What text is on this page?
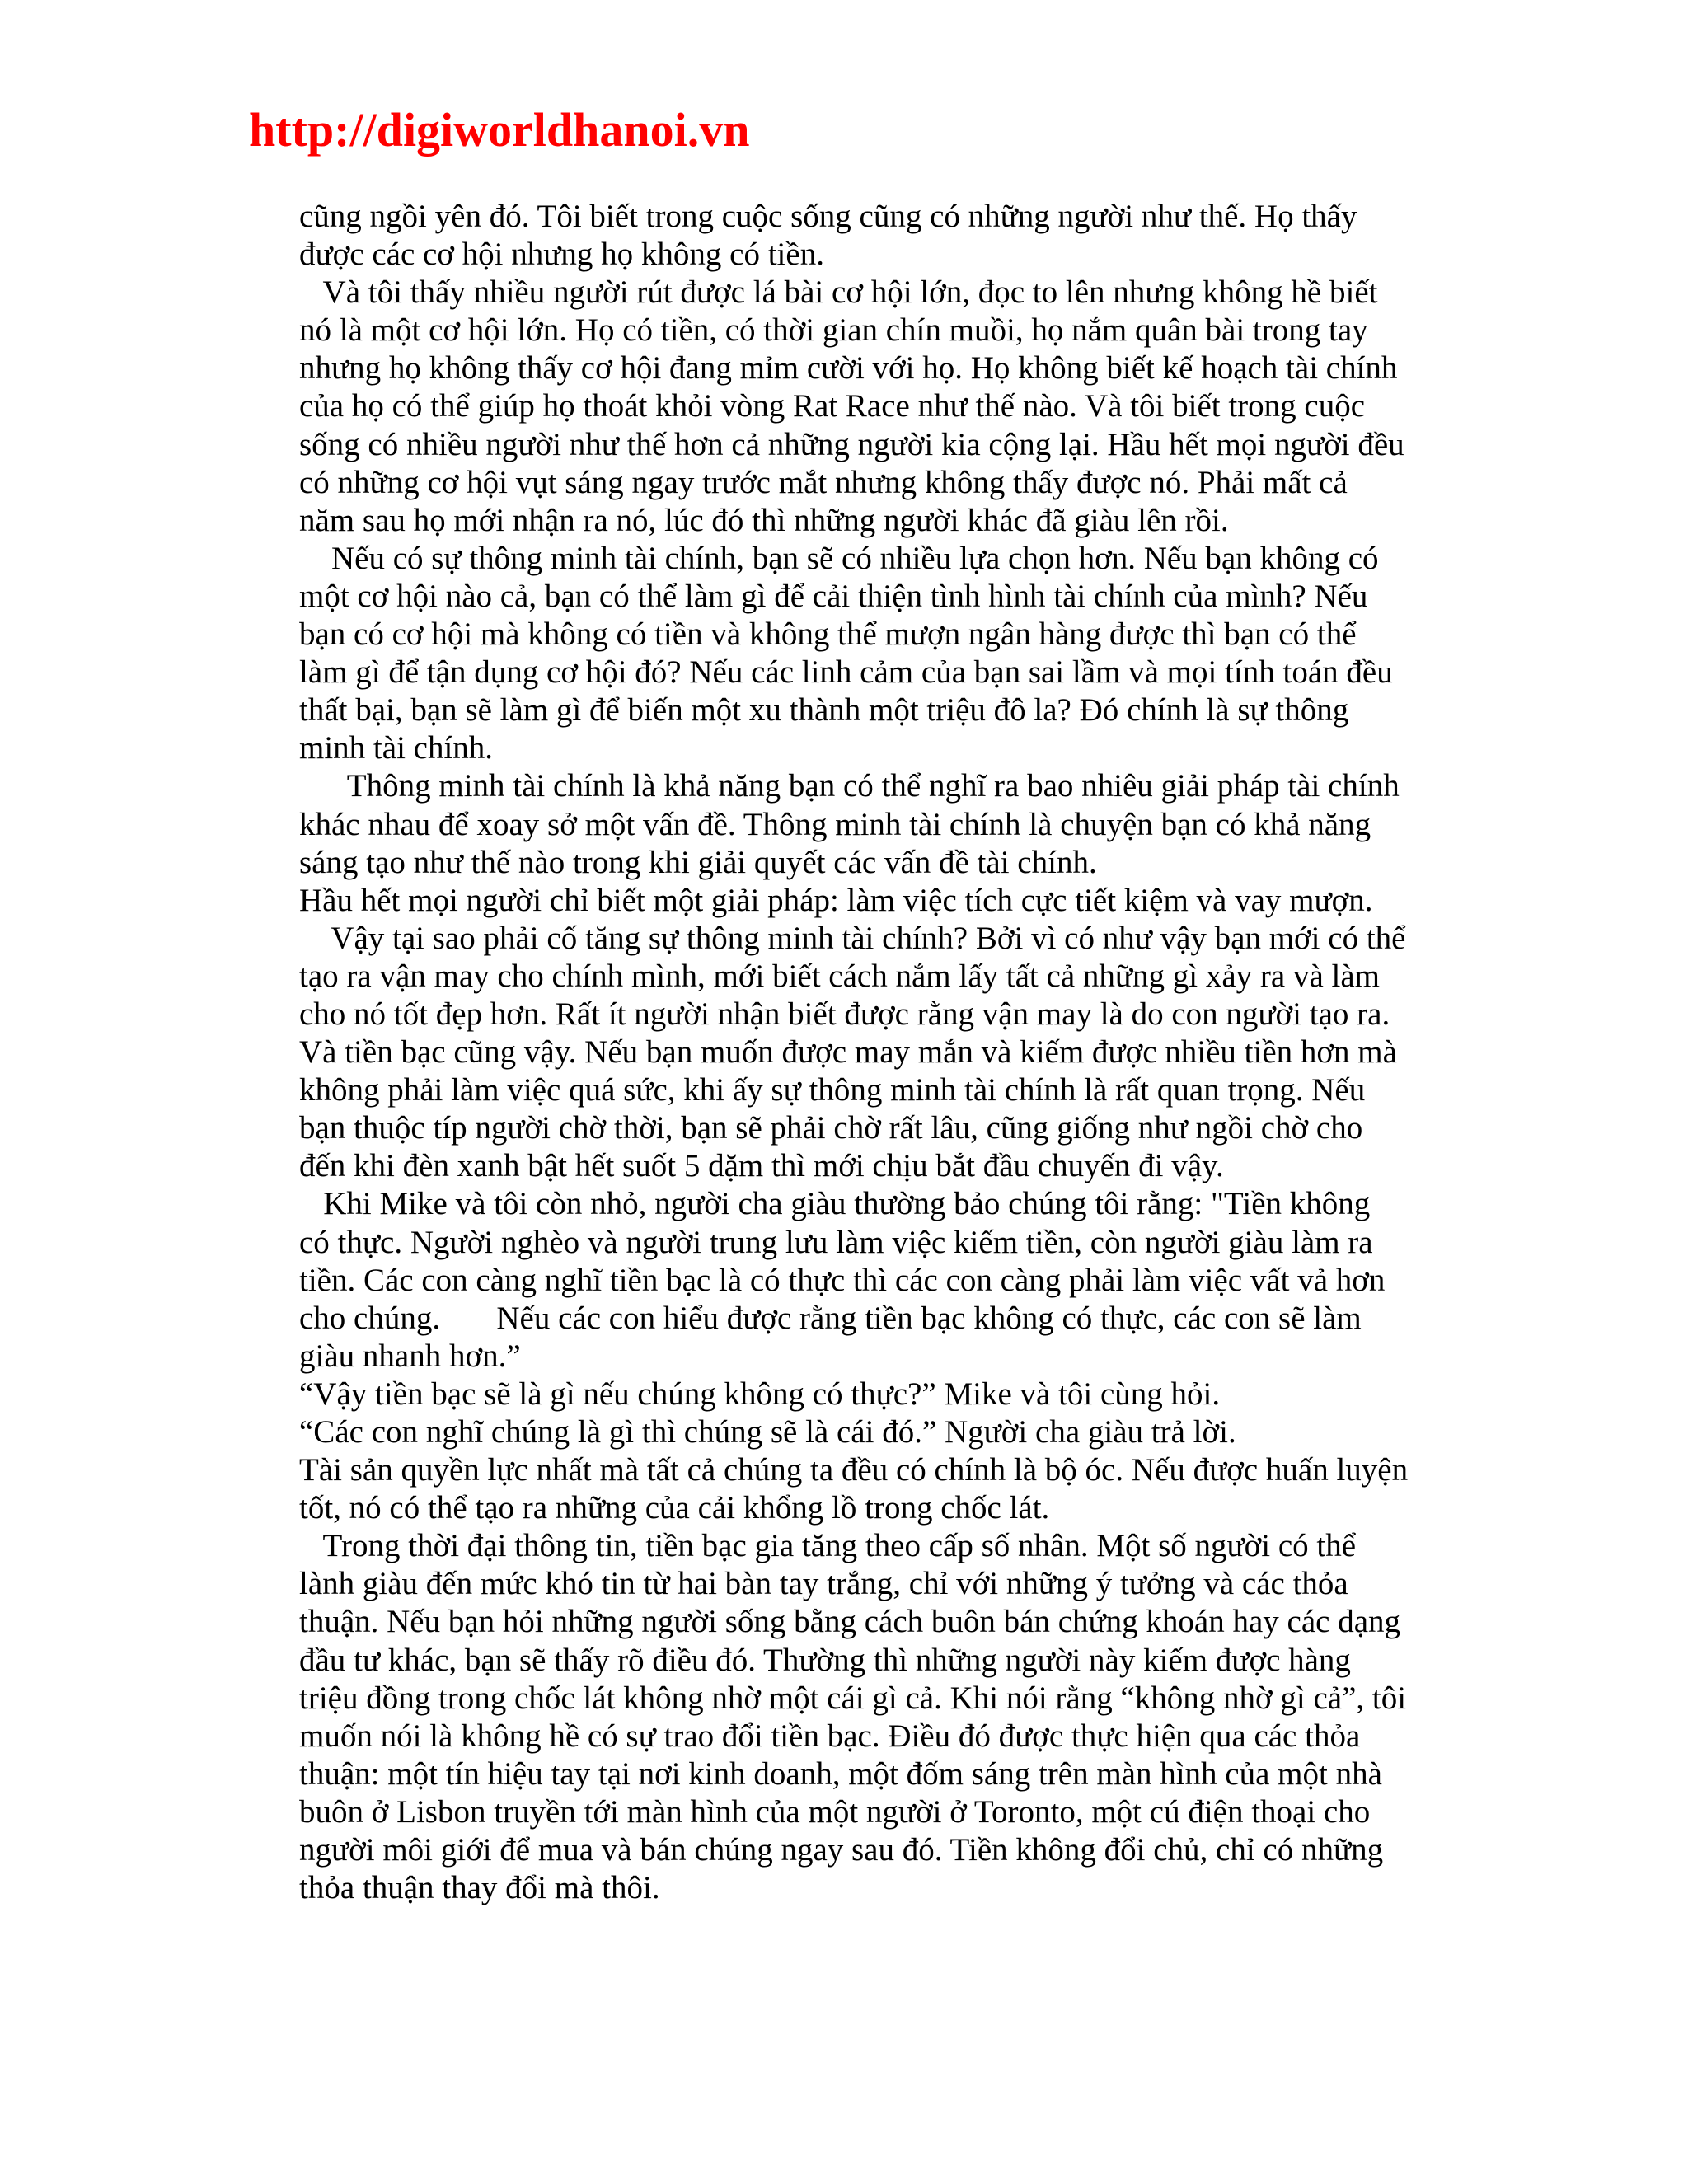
http://digiworldhanoi.vn
cũng ngồi yên đó. Tôi biết trong cuộc sống cũng có những người như thế. Họ thấy
được các cơ hội nhưng họ không có tiền.
Và tôi thấy nhiều người rút được lá bài cơ hội lớn, đọc to lên nhưng không hề biết
nó là một cơ hội lớn. Họ có tiền, có thời gian chín muồi, họ nắm quân bài trong tay
nhưng họ không thấy cơ hội đang mỉm cười với họ. Họ không biết kế hoạch tài chính
của họ có thể giúp họ thoát khỏi vòng Rat Race như thế nào. Và tôi biết trong cuộc
sống có nhiều người như thế hơn cả những người kia cộng lại. Hầu hết mọi người đều
có những cơ hội vụt sáng ngay trước mắt nhưng không thấy được nó. Phải mất cả
năm sau họ mới nhận ra nó, lúc đó thì những người khác đã giàu lên rồi.
Nếu có sự thông minh tài chính, bạn sẽ có nhiều lựa chọn hơn. Nếu bạn không có
một cơ hội nào cả, bạn có thể làm gì để cải thiện tình hình tài chính của mình? Nếu
bạn có cơ hội mà không có tiền và không thể mượn ngân hàng được thì bạn có thể
làm gì để tận dụng cơ hội đó? Nếu các linh cảm của bạn sai lầm và mọi tính toán đều
thất bại, bạn sẽ làm gì để biến một xu thành một triệu đô la? Đó chính là sự thông
minh tài chính.
Thông minh tài chính là khả năng bạn có thể nghĩ ra bao nhiêu giải pháp tài chính
khác nhau để xoay sở một vấn đề. Thông minh tài chính là chuyện bạn có khả năng
sáng tạo như thế nào trong khi giải quyết các vấn đề tài chính.
Hầu hết mọi người chỉ biết một giải pháp: làm việc tích cực tiết kiệm và vay mượn.
Vậy tại sao phải cố tăng sự thông minh tài chính? Bởi vì có như vậy bạn mới có thể
tạo ra vận may cho chính mình, mới biết cách nắm lấy tất cả những gì xảy ra và làm
cho nó tốt đẹp hơn. Rất ít người nhận biết được rằng vận may là do con người tạo ra.
Và tiền bạc cũng vậy. Nếu bạn muốn được may mắn và kiếm được nhiều tiền hơn mà
không phải làm việc quá sức, khi ấy sự thông minh tài chính là rất quan trọng. Nếu
bạn thuộc típ người chờ thời, bạn sẽ phải chờ rất lâu, cũng giống như ngồi chờ cho
đến khi đèn xanh bật hết suốt 5 dặm thì mới chịu bắt đầu chuyến đi vậy.
Khi Mike và tôi còn nhỏ, người cha giàu thường bảo chúng tôi rằng: "Tiền không
có thực. Người nghèo và người trung lưu làm việc kiếm tiền, còn người giàu làm ra
tiền. Các con càng nghĩ tiền bạc là có thực thì các con càng phải làm việc vất vả hơn
cho chúng.       Nếu các con hiểu được rằng tiền bạc không có thực, các con sẽ làm
giàu nhanh hơn.”
“Vậy tiền bạc sẽ là gì nếu chúng không có thực?” Mike và tôi cùng hỏi.
“Các con nghĩ chúng là gì thì chúng sẽ là cái đó.” Người cha giàu trả lời.
Tài sản quyền lực nhất mà tất cả chúng ta đều có chính là bộ óc. Nếu được huấn luyện
tốt, nó có thể tạo ra những của cải khổng lồ trong chốc lát.
Trong thời đại thông tin, tiền bạc gia tăng theo cấp số nhân. Một số người có thể
lành giàu đến mức khó tin từ hai bàn tay trắng, chỉ với những ý tưởng và các thỏa
thuận. Nếu bạn hỏi những người sống bằng cách buôn bán chứng khoán hay các dạng
đầu tư khác, bạn sẽ thấy rõ điều đó. Thường thì những người này kiếm được hàng
triệu đồng trong chốc lát không nhờ một cái gì cả. Khi nói rằng “không nhờ gì cả”, tôi
muốn nói là không hề có sự trao đổi tiền bạc. Điều đó được thực hiện qua các thỏa
thuận: một tín hiệu tay tại nơi kinh doanh, một đốm sáng trên màn hình của một nhà
buôn ở Lisbon truyền tới màn hình của một người ở Toronto, một cú điện thoại cho
người môi giới để mua và bán chúng ngay sau đó. Tiền không đổi chủ, chỉ có những
thỏa thuận thay đổi mà thôi.
